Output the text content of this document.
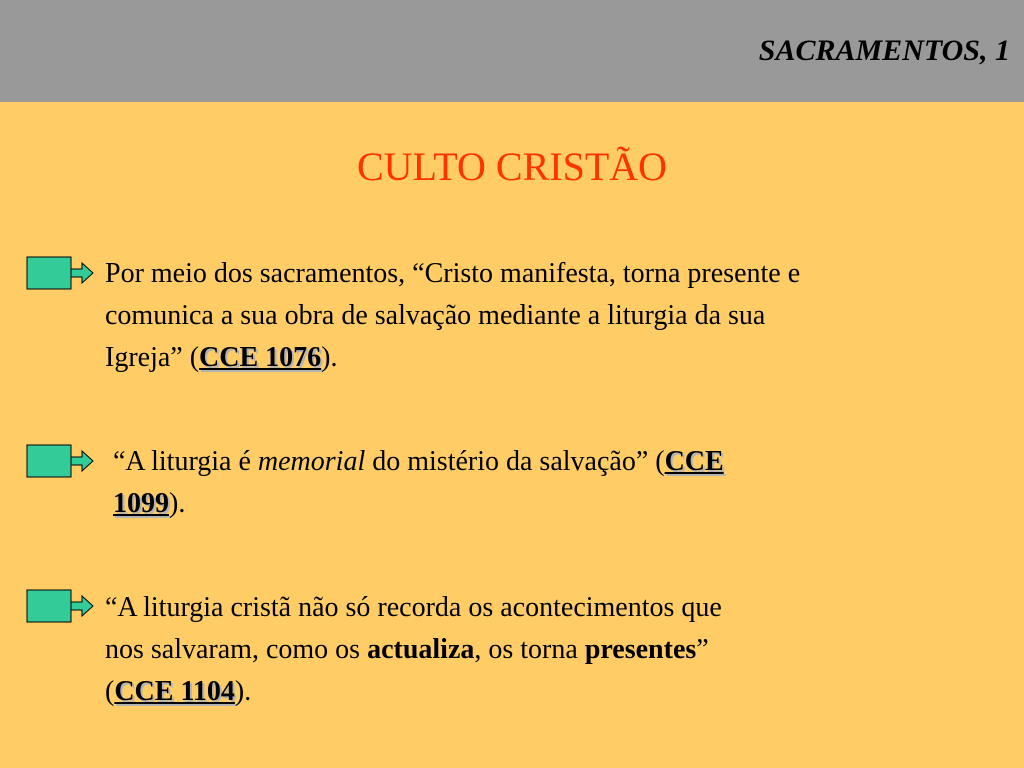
SACRAMENTOS, 1
CULTO CRISTÃO

Por meio dos sacramentos, “Cristo manifesta, torna presente e
comunica a sua obra de salvação mediante a liturgia da sua
Igreja” (CCE 1076).

“A liturgia é memorial do mistério da salvação” (CCE
1099).

“A liturgia cristã não só recorda os acontecimentos que
nos salvaram, como os actualiza, os torna presentes”
(CCE 1104).
